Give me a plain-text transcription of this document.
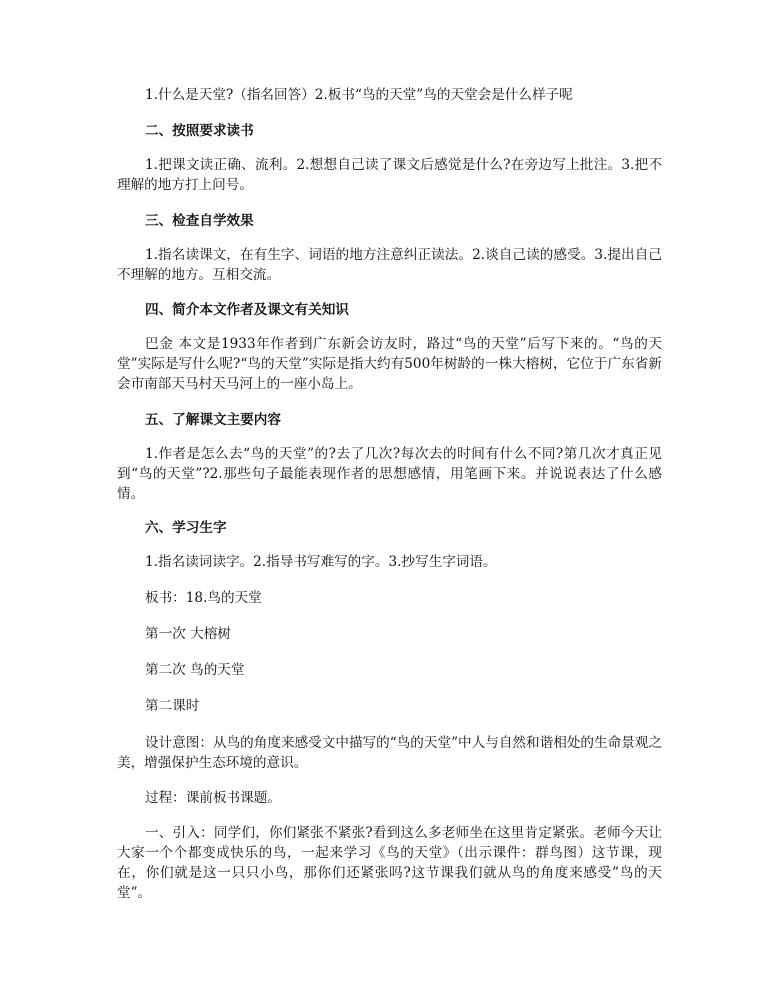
1.什么是天堂?（指名回答）2.板书“鸟的天堂”鸟的天堂会是什么样子呢

二、按照要求读书

1.把课文读正确、流利。2.想想自己读了课文后感觉是什么?在旁边写上批注。3.把不理解的地方打上问号。

三、检查自学效果

1.指名读课文，在有生字、词语的地方注意纠正读法。2.谈自己读的感受。3.提出自己不理解的地方。互相交流。

四、简介本文作者及课文有关知识

巴金 本文是1933年作者到广东新会访友时，路过“鸟的天堂”后写下来的。“鸟的天堂”实际是写什么呢?“鸟的天堂”实际是指大约有500年树龄的一株大榕树，它位于广东省新会市南部天马村天马河上的一座小岛上。

五、了解课文主要内容

1.作者是怎么去“鸟的天堂”的?去了几次?每次去的时间有什么不同?第几次才真正见到“鸟的天堂”?2.那些句子最能表现作者的思想感情，用笔画下来。并说说表达了什么感情。

六、学习生字

1.指名读词读字。2.指导书写难写的字。3.抄写生字词语。

板书：18.鸟的天堂

第一次 大榕树

第二次 鸟的天堂

第二课时

设计意图：从鸟的角度来感受文中描写的“鸟的天堂”中人与自然和谐相处的生命景观之美，增强保护生态环境的意识。

过程：课前板书课题。

一、引入：同学们，你们紧张不紧张?看到这么多老师坐在这里肯定紧张。老师今天让大家一个个都变成快乐的鸟，一起来学习《鸟的天堂》（出示课件：群鸟图）这节课，现在，你们就是这一只只小鸟，那你们还紧张吗?这节课我们就从鸟的角度来感受”鸟的天堂”。
